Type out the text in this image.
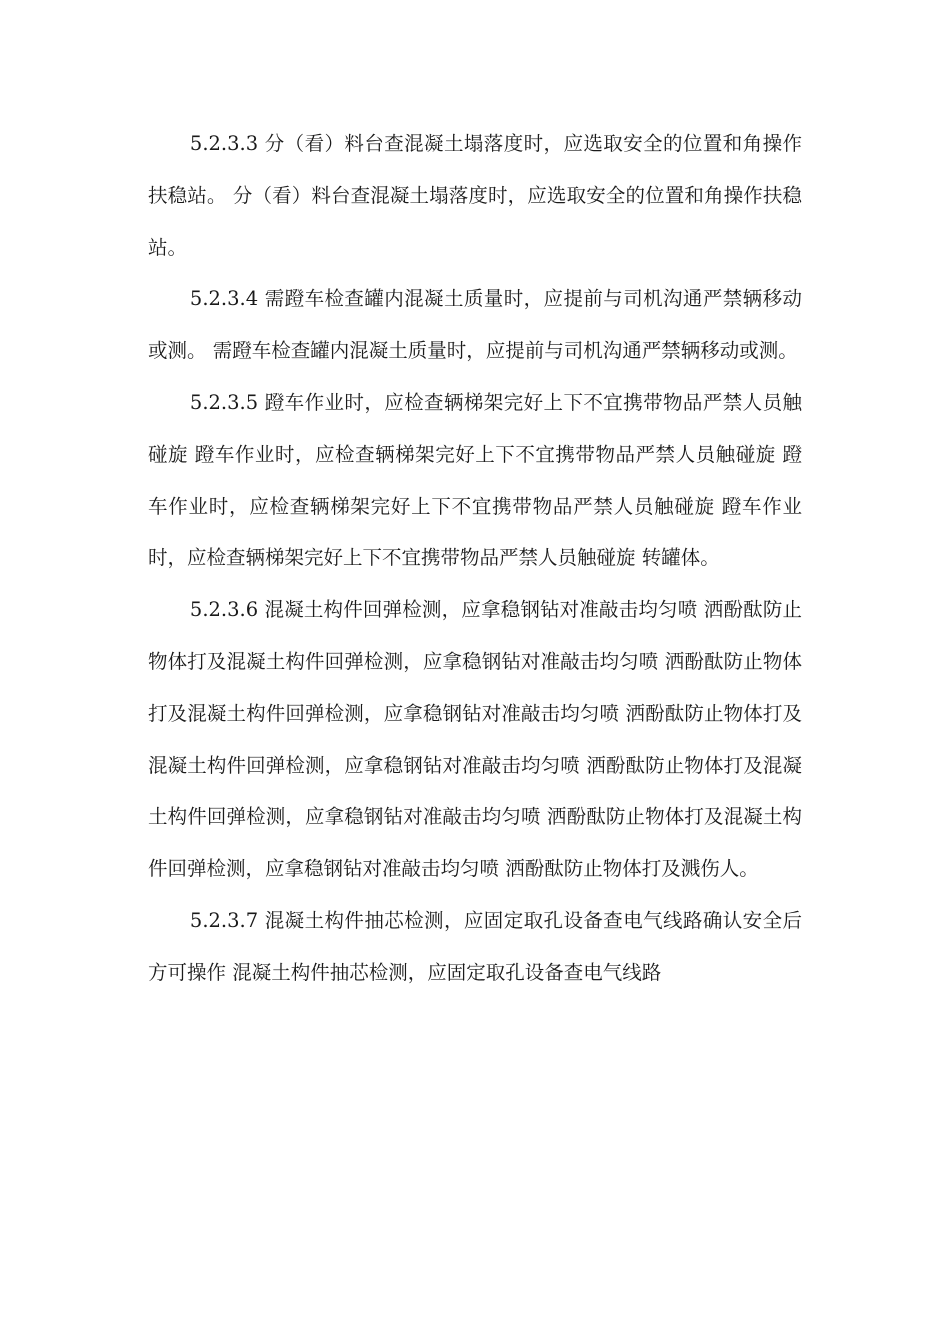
5.2.3.3 分（看）料台查混凝土塌落度时，应选取安全的位置和角操作扶稳站。 分（看）料台查混凝土塌落度时，应选取安全的位置和角操作扶稳站。

5.2.3.4 需蹬车检查罐内混凝土质量时，应提前与司机沟通严禁辆移动或测。 需蹬车检查罐内混凝土质量时，应提前与司机沟通严禁辆移动或测。

5.2.3.5 蹬车作业时，应检查辆梯架完好上下不宜携带物品严禁人员触碰旋 蹬车作业时，应检查辆梯架完好上下不宜携带物品严禁人员触碰旋 蹬车作业时，应检查辆梯架完好上下不宜携带物品严禁人员触碰旋 蹬车作业时，应检查辆梯架完好上下不宜携带物品严禁人员触碰旋 转罐体。

5.2.3.6 混凝土构件回弹检测，应拿稳钢钻对准敲击均匀喷 洒酚酞防止物体打及混凝土构件回弹检测，应拿稳钢钻对准敲击均匀喷 洒酚酞防止物体打及混凝土构件回弹检测，应拿稳钢钻对准敲击均匀喷 洒酚酞防止物体打及混凝土构件回弹检测，应拿稳钢钻对准敲击均匀喷 洒酚酞防止物体打及混凝土构件回弹检测，应拿稳钢钻对准敲击均匀喷 洒酚酞防止物体打及混凝土构件回弹检测，应拿稳钢钻对准敲击均匀喷 洒酚酞防止物体打及溅伤人。

5.2.3.7 混凝土构件抽芯检测，应固定取孔设备查电气线路确认安全后方可操作 混凝土构件抽芯检测，应固定取孔设备查电气线路
